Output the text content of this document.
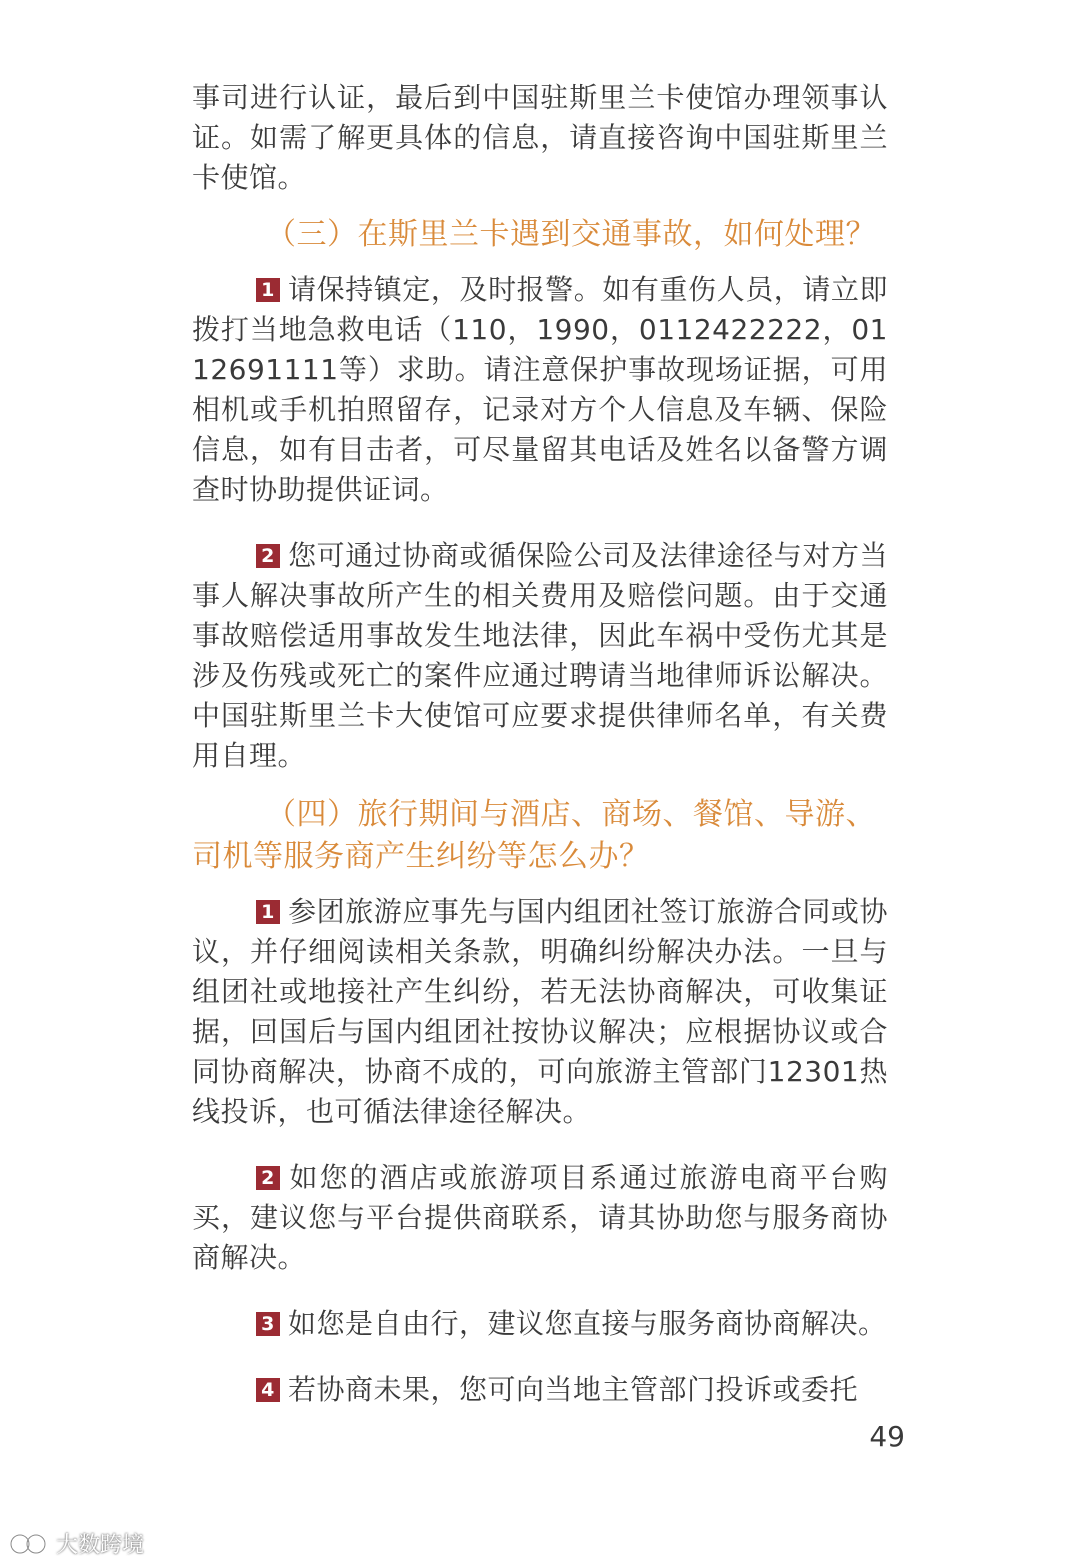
事司进行认证，最后到中国驻斯里兰卡使馆办理领事认证。如需了解更具体的信息，请直接咨询中国驻斯里兰卡使馆。

（三）在斯里兰卡遇到交通事故，如何处理？

1 请保持镇定，及时报警。如有重伤人员，请立即拨打当地急救电话（110，1990，0112422222，0112691111等）求助。请注意保护事故现场证据，可用相机或手机拍照留存，记录对方个人信息及车辆、保险信息，如有目击者，可尽量留其电话及姓名以备警方调查时协助提供证词。

2 您可通过协商或循保险公司及法律途径与对方当事人解决事故所产生的相关费用及赔偿问题。由于交通事故赔偿适用事故发生地法律，因此车祸中受伤尤其是涉及伤残或死亡的案件应通过聘请当地律师诉讼解决。中国驻斯里兰卡大使馆可应要求提供律师名单，有关费用自理。

（四）旅行期间与酒店、商场、餐馆、导游、司机等服务商产生纠纷等怎么办？

1 参团旅游应事先与国内组团社签订旅游合同或协议，并仔细阅读相关条款，明确纠纷解决办法。一旦与组团社或地接社产生纠纷，若无法协商解决，可收集证据，回国后与国内组团社按协议解决；应根据协议或合同协商解决，协商不成的，可向旅游主管部门12301热线投诉，也可循法律途径解决。

2 如您的酒店或旅游项目系通过旅游电商平台购买，建议您与平台提供商联系，请其协助您与服务商协商解决。

3 如您是自由行，建议您直接与服务商协商解决。

4 若协商未果，您可向当地主管部门投诉或委托

49
大数跨境
